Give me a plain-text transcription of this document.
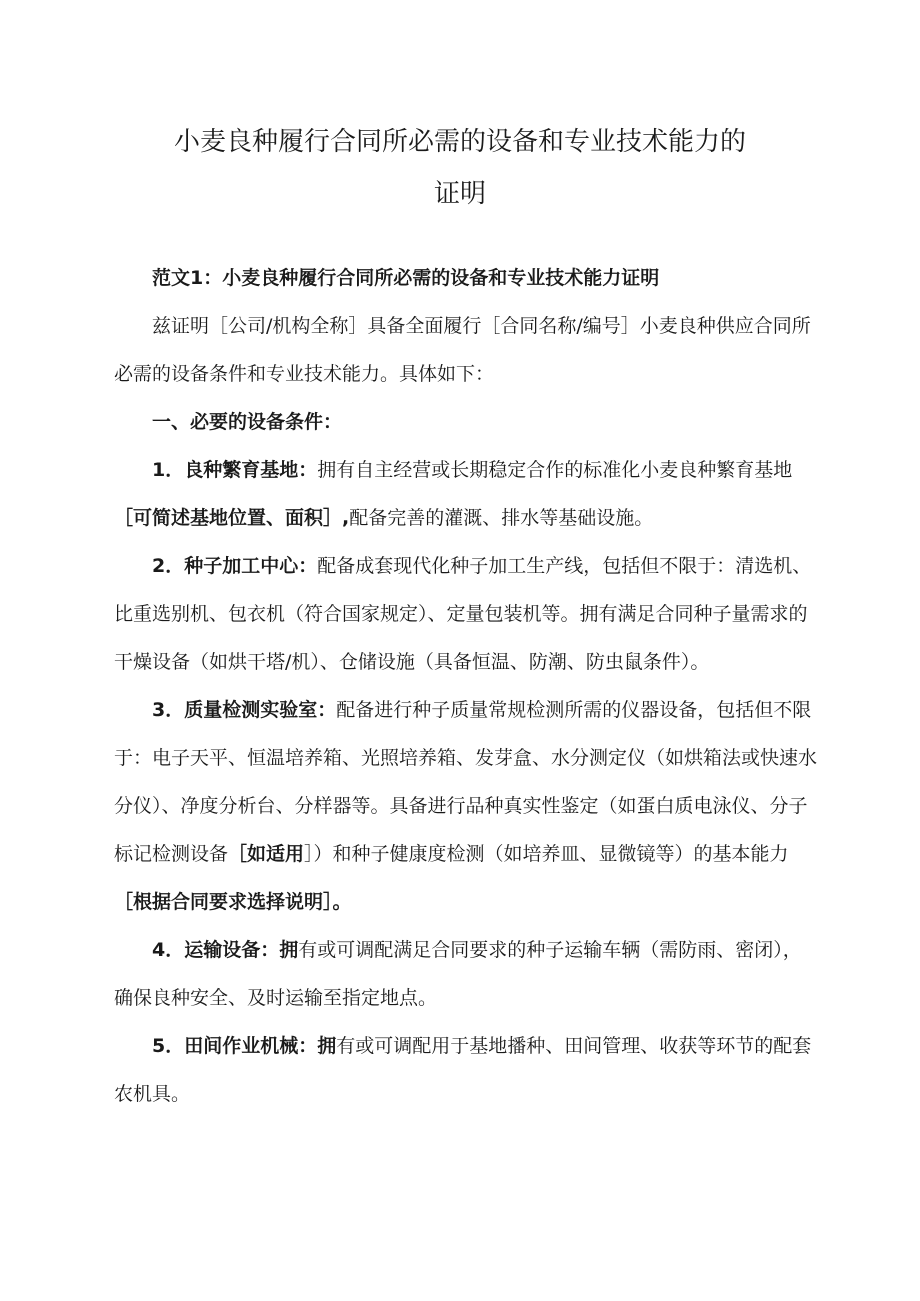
小麦良种履行合同所必需的设备和专业技术能力的
证明

范文1：小麦良种履行合同所必需的设备和专业技术能力证明

兹证明［公司/机构全称］具备全面履行［合同名称/编号］小麦良种供应合同所必需的设备条件和专业技术能力。具体如下：

一、必要的设备条件：

1．良种繁育基地：拥有自主经营或长期稳定合作的标准化小麦良种繁育基地［可简述基地位置、面积］,配备完善的灌溉、排水等基础设施。

2．种子加工中心：配备成套现代化种子加工生产线，包括但不限于：清选机、比重选别机、包衣机（符合国家规定）、定量包装机等。拥有满足合同种子量需求的干燥设备（如烘干塔/机）、仓储设施（具备恒温、防潮、防虫鼠条件）。

3．质量检测实验室：配备进行种子质量常规检测所需的仪器设备，包括但不限于：电子天平、恒温培养箱、光照培养箱、发芽盒、水分测定仪（如烘箱法或快速水分仪）、净度分析台、分样器等。具备进行品种真实性鉴定（如蛋白质电泳仪、分子标记检测设备［如适用］）和种子健康度检测（如培养皿、显微镜等）的基本能力［根据合同要求选择说明］。

4．运输设备：拥有或可调配满足合同要求的种子运输车辆（需防雨、密闭），确保良种安全、及时运输至指定地点。

5．田间作业机械：拥有或可调配用于基地播种、田间管理、收获等环节的配套农机具。
